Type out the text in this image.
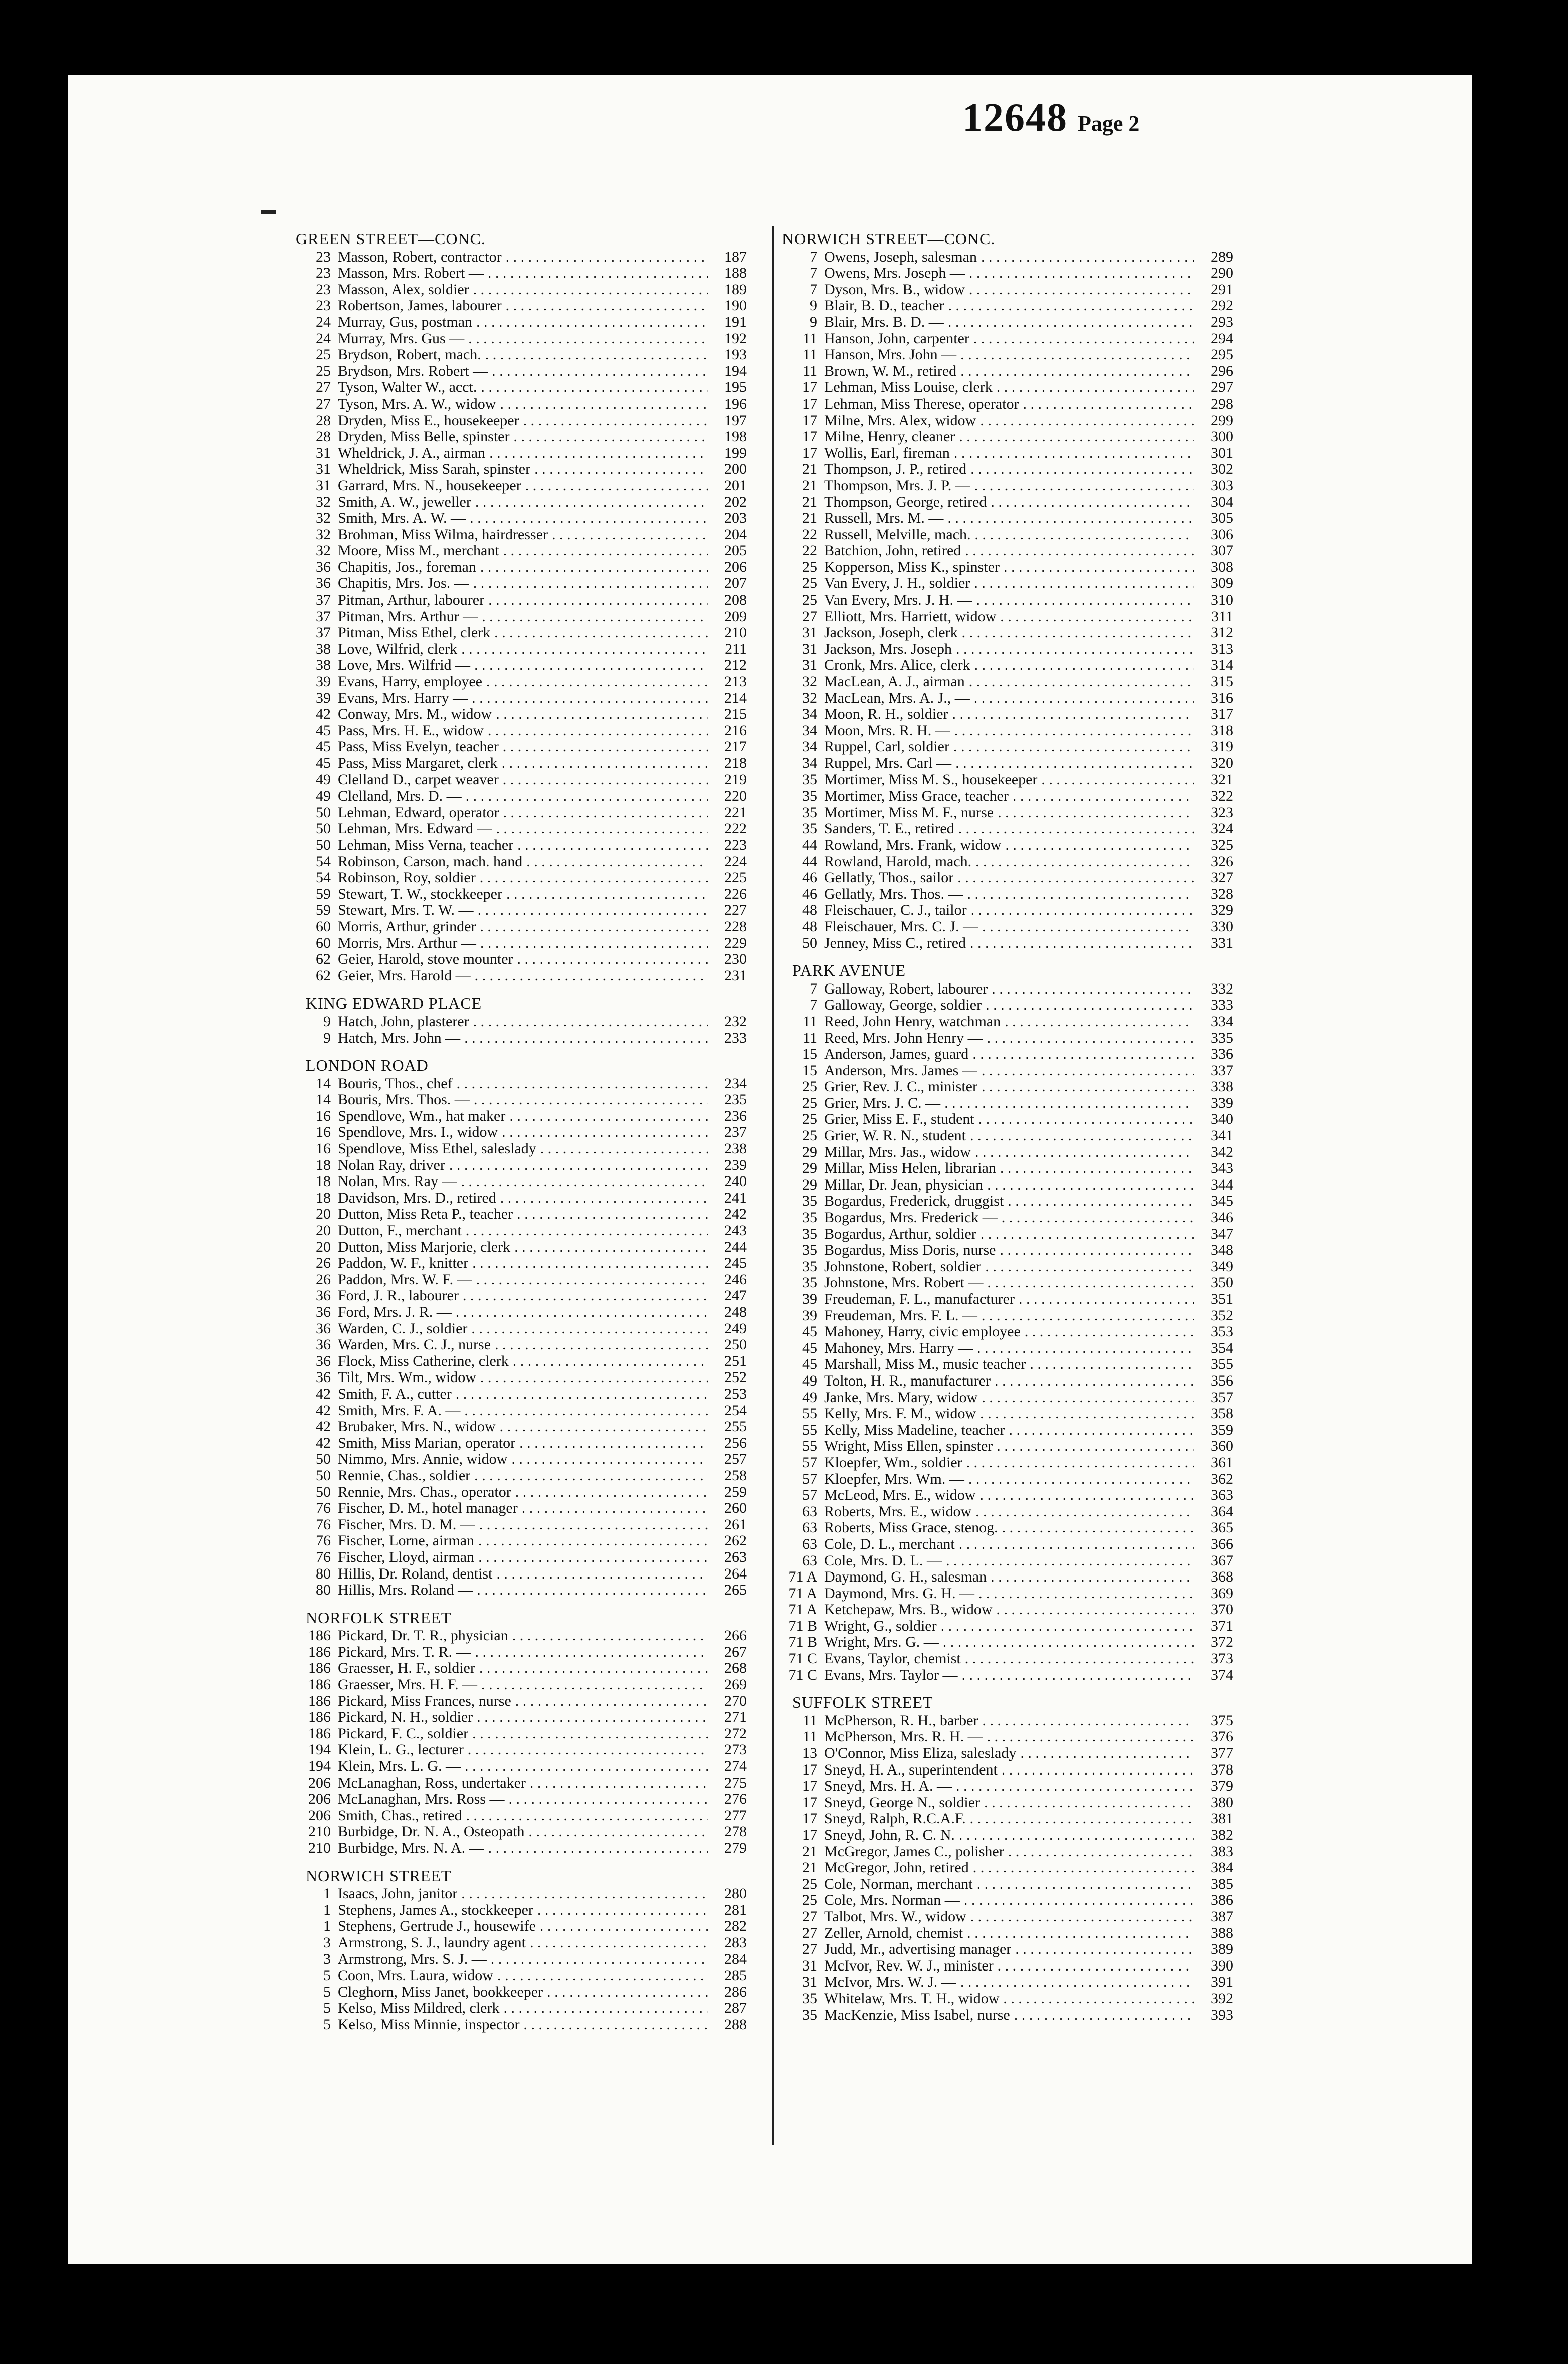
12648 Page 2
GREEN STREET—CONC.
23 Masson, Robert, contractor . . .	187
23 Masson, Mrs. Robert — . . .	188
23 Masson, Alex, soldier . . .	189
23 Robertson, James, labourer . . .	190
24 Murray, Gus, postman . . .	191
24 Murray, Mrs. Gus — . . .	192
25 Brydson, Robert, mach. . . .	193
25 Brydson, Mrs. Robert — . . .	194
27 Tyson, Walter W., acct. . . .	195
27 Tyson, Mrs. A. W., widow . . .	196
28 Dryden, Miss E., housekeeper . . .	197
28 Dryden, Miss Belle, spinster . . .	198
31 Wheldrick, J. A., airman . . .	199
31 Wheldrick, Miss Sarah, spinster . . .	200
31 Garrard, Mrs. N., housekeeper . . .	201
32 Smith, A. W., jeweller . . .	202
32 Smith, Mrs. A. W. — . . .	203
32 Brohman, Miss Wilma, hairdresser . . .	204
32 Moore, Miss M., merchant . . .	205
36 Chapitis, Jos., foreman . . .	206
36 Chapitis, Mrs. Jos. — . . .	207
37 Pitman, Arthur, labourer . . .	208
37 Pitman, Mrs. Arthur — . . .	209
37 Pitman, Miss Ethel, clerk . . .	210
38 Love, Wilfrid, clerk . . .	211
38 Love, Mrs. Wilfrid — . . .	212
39 Evans, Harry, employee . . .	213
39 Evans, Mrs. Harry — . . .	214
42 Conway, Mrs. M., widow . . .	215
45 Pass, Mrs. H. E., widow . . .	216
45 Pass, Miss Evelyn, teacher . . .	217
45 Pass, Miss Margaret, clerk . . .	218
49 Clelland D., carpet weaver . . .	219
49 Clelland, Mrs. D. — . . .	220
50 Lehman, Edward, operator . . .	221
50 Lehman, Mrs. Edward — . . .	222
50 Lehman, Miss Verna, teacher . . .	223
54 Robinson, Carson, mach. hand . . .	224
54 Robinson, Roy, soldier . . .	225
59 Stewart, T. W., stockkeeper . . .	226
59 Stewart, Mrs. T. W. — . . .	227
60 Morris, Arthur, grinder . . .	228
60 Morris, Mrs. Arthur — . . .	229
62 Geier, Harold, stove mounter . . .	230
62 Geier, Mrs. Harold — . . .	231
KING EDWARD PLACE
9 Hatch, John, plasterer . . .	232
9 Hatch, Mrs. John — . . .	233
LONDON ROAD
14 Bouris, Thos., chef . . .	234
14 Bouris, Mrs. Thos. — . . .	235
16 Spendlove, Wm., hat maker . . .	236
16 Spendlove, Mrs. I., widow . . .	237
16 Spendlove, Miss Ethel, saleslady . . .	238
18 Nolan Ray, driver . . .	239
18 Nolan, Mrs. Ray — . . .	240
18 Davidson, Mrs. D., retired . . .	241
20 Dutton, Miss Reta P., teacher . . .	242
20 Dutton, F., merchant . . .	243
20 Dutton, Miss Marjorie, clerk . . .	244
26 Paddon, W. F., knitter . . .	245
26 Paddon, Mrs. W. F. — . . .	246
36 Ford, J. R., labourer . . .	247
36 Ford, Mrs. J. R. — . . .	248
36 Warden, C. J., soldier . . .	249
36 Warden, Mrs. C. J., nurse . . .	250
36 Flock, Miss Catherine, clerk . . .	251
36 Tilt, Mrs. Wm., widow . . .	252
42 Smith, F. A., cutter . . .	253
42 Smith, Mrs. F. A. — . . .	254
42 Brubaker, Mrs. N., widow . . .	255
42 Smith, Miss Marian, operator . . .	256
50 Nimmo, Mrs. Annie, widow . . .	257
50 Rennie, Chas., soldier . . .	258
50 Rennie, Mrs. Chas., operator . . .	259
76 Fischer, D. M., hotel manager . . .	260
76 Fischer, Mrs. D. M. — . . .	261
76 Fischer, Lorne, airman . . .	262
76 Fischer, Lloyd, airman . . .	263
80 Hillis, Dr. Roland, dentist . . .	264
80 Hillis, Mrs. Roland — . . .	265
NORFOLK STREET
186 Pickard, Dr. T. R., physician . . .	266
186 Pickard, Mrs. T. R. — . . .	267
186 Graesser, H. F., soldier . . .	268
186 Graesser, Mrs. H. F. — . . .	269
186 Pickard, Miss Frances, nurse . . .	270
186 Pickard, N. H., soldier . . .	271
186 Pickard, F. C., soldier . . .	272
194 Klein, L. G., lecturer . . .	273
194 Klein, Mrs. L. G. — . . .	274
206 McLanaghan, Ross, undertaker . . .	275
206 McLanaghan, Mrs. Ross — . . .	276
206 Smith, Chas., retired . . .	277
210 Burbidge, Dr. N. A., Osteopath . . .	278
210 Burbidge, Mrs. N. A. — . . .	279
NORWICH STREET
1 Isaacs, John, janitor . . .	280
1 Stephens, James A., stockkeeper . . .	281
1 Stephens, Gertrude J., housewife . . .	282
3 Armstrong, S. J., laundry agent . . .	283
3 Armstrong, Mrs. S. J. — . . .	284
5 Coon, Mrs. Laura, widow . . .	285
5 Cleghorn, Miss Janet, bookkeeper . . .	286
5 Kelso, Miss Mildred, clerk . . .	287
5 Kelso, Miss Minnie, inspector . . .	288
NORWICH STREET—CONC.
7 Owens, Joseph, salesman . . .	289
7 Owens, Mrs. Joseph — . . .	290
7 Dyson, Mrs. B., widow . . .	291
9 Blair, B. D., teacher . . .	292
9 Blair, Mrs. B. D. — . . .	293
11 Hanson, John, carpenter . . .	294
11 Hanson, Mrs. John — . . .	295
11 Brown, W. M., retired . . .	296
17 Lehman, Miss Louise, clerk . . .	297
17 Lehman, Miss Therese, operator . . .	298
17 Milne, Mrs. Alex, widow . . .	299
17 Milne, Henry, cleaner . . .	300
17 Wollis, Earl, fireman . . .	301
21 Thompson, J. P., retired . . .	302
21 Thompson, Mrs. J. P. — . . .	303
21 Thompson, George, retired . . .	304
21 Russell, Mrs. M. — . . .	305
22 Russell, Melville, mach. . . .	306
22 Batchion, John, retired . . .	307
25 Kopperson, Miss K., spinster . . .	308
25 Van Every, J. H., soldier . . .	309
25 Van Every, Mrs. J. H. — . . .	310
27 Elliott, Mrs. Harriett, widow . . .	311
31 Jackson, Joseph, clerk . . .	312
31 Jackson, Mrs. Joseph . . .	313
31 Cronk, Mrs. Alice, clerk . . .	314
32 MacLean, A. J., airman . . .	315
32 MacLean, Mrs. A. J., — . . .	316
34 Moon, R. H., soldier . . .	317
34 Moon, Mrs. R. H. — . . .	318
34 Ruppel, Carl, soldier . . .	319
34 Ruppel, Mrs. Carl — . . .	320
35 Mortimer, Miss M. S., housekeeper . . .	321
35 Mortimer, Miss Grace, teacher . . .	322
35 Mortimer, Miss M. F., nurse . . .	323
35 Sanders, T. E., retired . . .	324
44 Rowland, Mrs. Frank, widow . . .	325
44 Rowland, Harold, mach. . . .	326
46 Gellatly, Thos., sailor . . .	327
46 Gellatly, Mrs. Thos. — . . .	328
48 Fleischauer, C. J., tailor . . .	329
48 Fleischauer, Mrs. C. J. — . . .	330
50 Jenney, Miss C., retired . . .	331
PARK AVENUE
7 Galloway, Robert, labourer . . .	332
7 Galloway, George, soldier . . .	333
11 Reed, John Henry, watchman . . .	334
11 Reed, Mrs. John Henry — . . .	335
15 Anderson, James, guard . . .	336
15 Anderson, Mrs. James — . . .	337
25 Grier, Rev. J. C., minister . . .	338
25 Grier, Mrs. J. C. — . . .	339
25 Grier, Miss E. F., student . . .	340
25 Grier, W. R. N., student . . .	341
29 Millar, Mrs. Jas., widow . . .	342
29 Millar, Miss Helen, librarian . . .	343
29 Millar, Dr. Jean, physician . . .	344
35 Bogardus, Frederick, druggist . . .	345
35 Bogardus, Mrs. Frederick — . . .	346
35 Bogardus, Arthur, soldier . . .	347
35 Bogardus, Miss Doris, nurse . . .	348
35 Johnstone, Robert, soldier . . .	349
35 Johnstone, Mrs. Robert — . . .	350
39 Freudeman, F. L., manufacturer . . .	351
39 Freudeman, Mrs. F. L. — . . .	352
45 Mahoney, Harry, civic employee . . .	353
45 Mahoney, Mrs. Harry — . . .	354
45 Marshall, Miss M., music teacher . . .	355
49 Tolton, H. R., manufacturer . . .	356
49 Janke, Mrs. Mary, widow . . .	357
55 Kelly, Mrs. F. M., widow . . .	358
55 Kelly, Miss Madeline, teacher . . .	359
55 Wright, Miss Ellen, spinster . . .	360
57 Kloepfer, Wm., soldier . . .	361
57 Kloepfer, Mrs. Wm. — . . .	362
57 McLeod, Mrs. E., widow . . .	363
63 Roberts, Mrs. E., widow . . .	364
63 Roberts, Miss Grace, stenog. . . .	365
63 Cole, D. L., merchant . . .	366
63 Cole, Mrs. D. L. — . . .	367
71 A Daymond, G. H., salesman . . .	368
71 A Daymond, Mrs. G. H. — . . .	369
71 A Ketchepaw, Mrs. B., widow . . .	370
71 B Wright, G., soldier . . .	371
71 B Wright, Mrs. G. — . . .	372
71 C Evans, Taylor, chemist . . .	373
71 C Evans, Mrs. Taylor — . . .	374
SUFFOLK STREET
11 McPherson, R. H., barber . . .	375
11 McPherson, Mrs. R. H. — . . .	376
13 O'Connor, Miss Eliza, saleslady . . .	377
17 Sneyd, H. A., superintendent . . .	378
17 Sneyd, Mrs. H. A. — . . .	379
17 Sneyd, George N., soldier . . .	380
17 Sneyd, Ralph, R.C.A.F. . . .	381
17 Sneyd, John, R. C. N. . . .	382
21 McGregor, James C., polisher . . .	383
21 McGregor, John, retired . . .	384
25 Cole, Norman, merchant . . .	385
25 Cole, Mrs. Norman — . . .	386
27 Talbot, Mrs. W., widow . . .	387
27 Zeller, Arnold, chemist . . .	388
27 Judd, Mr., advertising manager . . .	389
31 McIvor, Rev. W. J., minister . . .	390
31 McIvor, Mrs. W. J. — . . .	391
35 Whitelaw, Mrs. T. H., widow . . .	392
35 MacKenzie, Miss Isabel, nurse . . .	393
